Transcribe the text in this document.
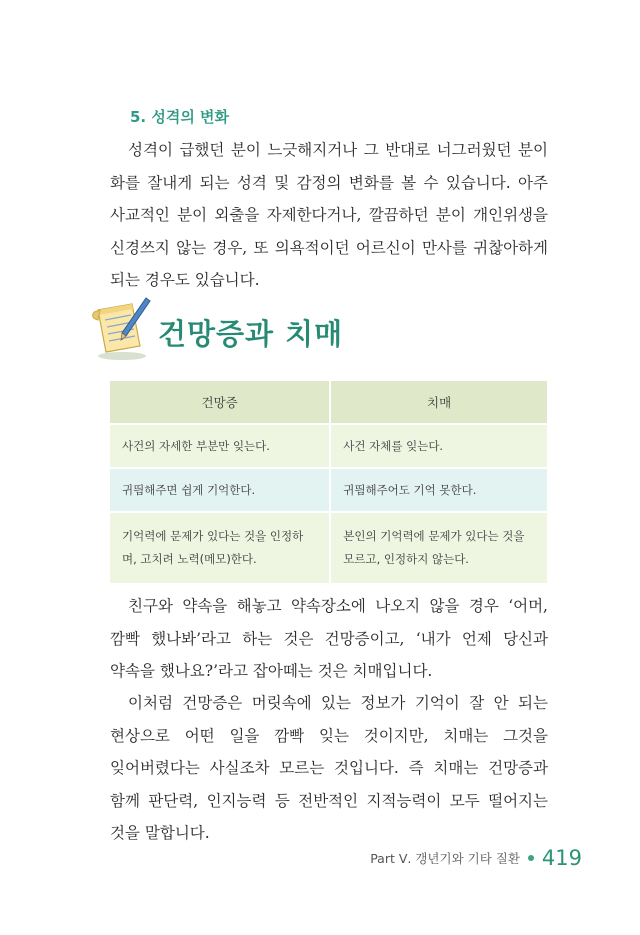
5. 성격의 변화

성격이 급했던 분이 느긋해지거나 그 반대로 너그러웠던 분이 화를 잘내게 되는 성격 및 감정의 변화를 볼 수 있습니다. 아주 사교적인 분이 외출을 자제한다거나, 깔끔하던 분이 개인위생을 신경쓰지 않는 경우, 또 의욕적이던 어르신이 만사를 귀찮아하게 되는 경우도 있습니다.

건망증과 치매
건망증	치매
사건의 자세한 부분만 잊는다.	사건 자체를 잊는다.
귀띔해주면 쉽게 기억한다.	귀띔해주어도 기억 못한다.
기억력에 문제가 있다는 것을 인정하며, 고치려 노력(메모)한다.	본인의 기억력에 문제가 있다는 것을 모르고, 인정하지 않는다.

친구와 약속을 해놓고 약속장소에 나오지 않을 경우 ‘어머, 깜빡 했나봐’라고 하는 것은 건망증이고, ‘내가 언제 당신과 약속을 했나요?’라고 잡아떼는 것은 치매입니다.

이처럼 건망증은 머릿속에 있는 정보가 기억이 잘 안 되는 현상으로 어떤 일을 깜빡 잊는 것이지만, 치매는 그것을 잊어버렸다는 사실조차 모르는 것입니다. 즉 치매는 건망증과 함께 판단력, 인지능력 등 전반적인 지적능력이 모두 떨어지는 것을 말합니다.

Part Ⅴ. 갱년기와 기타 질환 419
